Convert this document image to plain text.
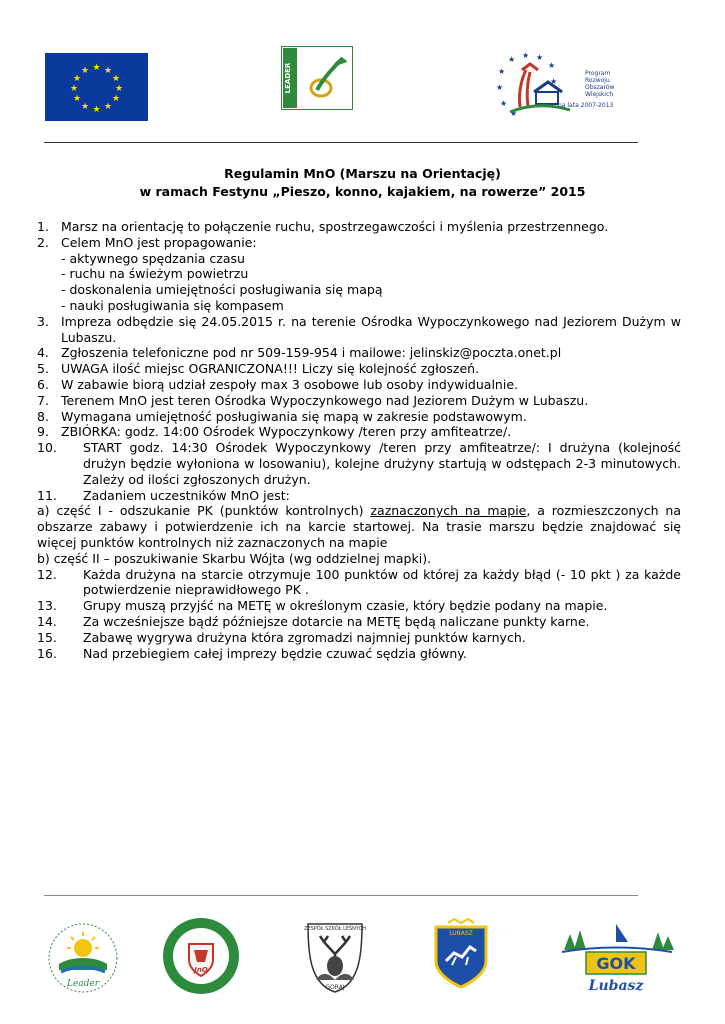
★ ★
★
★
★
★
★
★
★
★
★
★	LEADER	★
★ ★ ★
★
★
★
★
★
Program
Rozwoju
Obszarów
Wiejskich
na lata 2007-2013
Regulamin MnO (Marszu na Orientację)
w ramach Festynu „Pieszo, konno, kajakiem, na rowerze” 2015
1. Marsz na orientację to połączenie ruchu, spostrzegawczości i myślenia przestrzennego.
2. Celem MnO jest propagowanie:
- aktywnego spędzania czasu
- ruchu na świeżym powietrzu
- doskonalenia umiejętności posługiwania się mapą
- nauki posługiwania się kompasem
3. Impreza odbędzie się 24.05.2015 r. na terenie Ośrodka Wypoczynkowego nad Jeziorem Dużym w Lubaszu.
4. Zgłoszenia telefoniczne pod nr 509-159-954 i mailowe: jelinskiz@poczta.onet.pl
5. UWAGA ilość miejsc OGRANICZONA!!! Liczy się kolejność zgłoszeń.
6. W zabawie biorą udział zespoły max 3 osobowe lub osoby indywidualnie.
7. Terenem MnO jest teren Ośrodka Wypoczynkowego nad Jeziorem Dużym w Lubaszu.
8. Wymagana umiejętność posługiwania się mapą w zakresie podstawowym.
9. ZBIÓRKA: godz. 14:00 Ośrodek Wypoczynkowy /teren przy amfiteatrze/.
10.	START godz. 14:30 Ośrodek Wypoczynkowy /teren przy amfiteatrze/: I drużyna (kolejność drużyn będzie wyłoniona w losowaniu), kolejne drużyny startują w odstępach 2-3 minutowych. Zależy od ilości zgłoszonych drużyn.
11.	Zadaniem uczestników MnO jest:
a) część I - odszukanie PK (punktów kontrolnych) zaznaczonych na mapie, a rozmieszczonych na obszarze zabawy i potwierdzenie ich na karcie startowej. Na trasie marszu będzie znajdować się więcej punktów kontrolnych niż zaznaczonych na mapie
b) część II – poszukiwanie Skarbu Wójta (wg oddzielnej mapki).
12.	Każda drużyna na starcie otrzymuje 100 punktów od której za każdy błąd (- 10 pkt ) za każde potwierdzenie nieprawidłowego PK .
13.	Grupy muszą przyjść na METĘ w określonym czasie, który będzie podany na mapie.
14.	Za wcześniejsze bądź późniejsze dotarcie na METĘ będą naliczane punkty karne.
15.	Zabawę wygrywa drużyna która zgromadzi najmniej punktów karnych.
16.	Nad przebiegiem całej imprezy będzie czuwać sędzia główny.
Leader
JnO
ZESPÓŁ SZKÓŁ LEŚNYCH
GORAJ
LUBASZ
GOK
Lubasz
